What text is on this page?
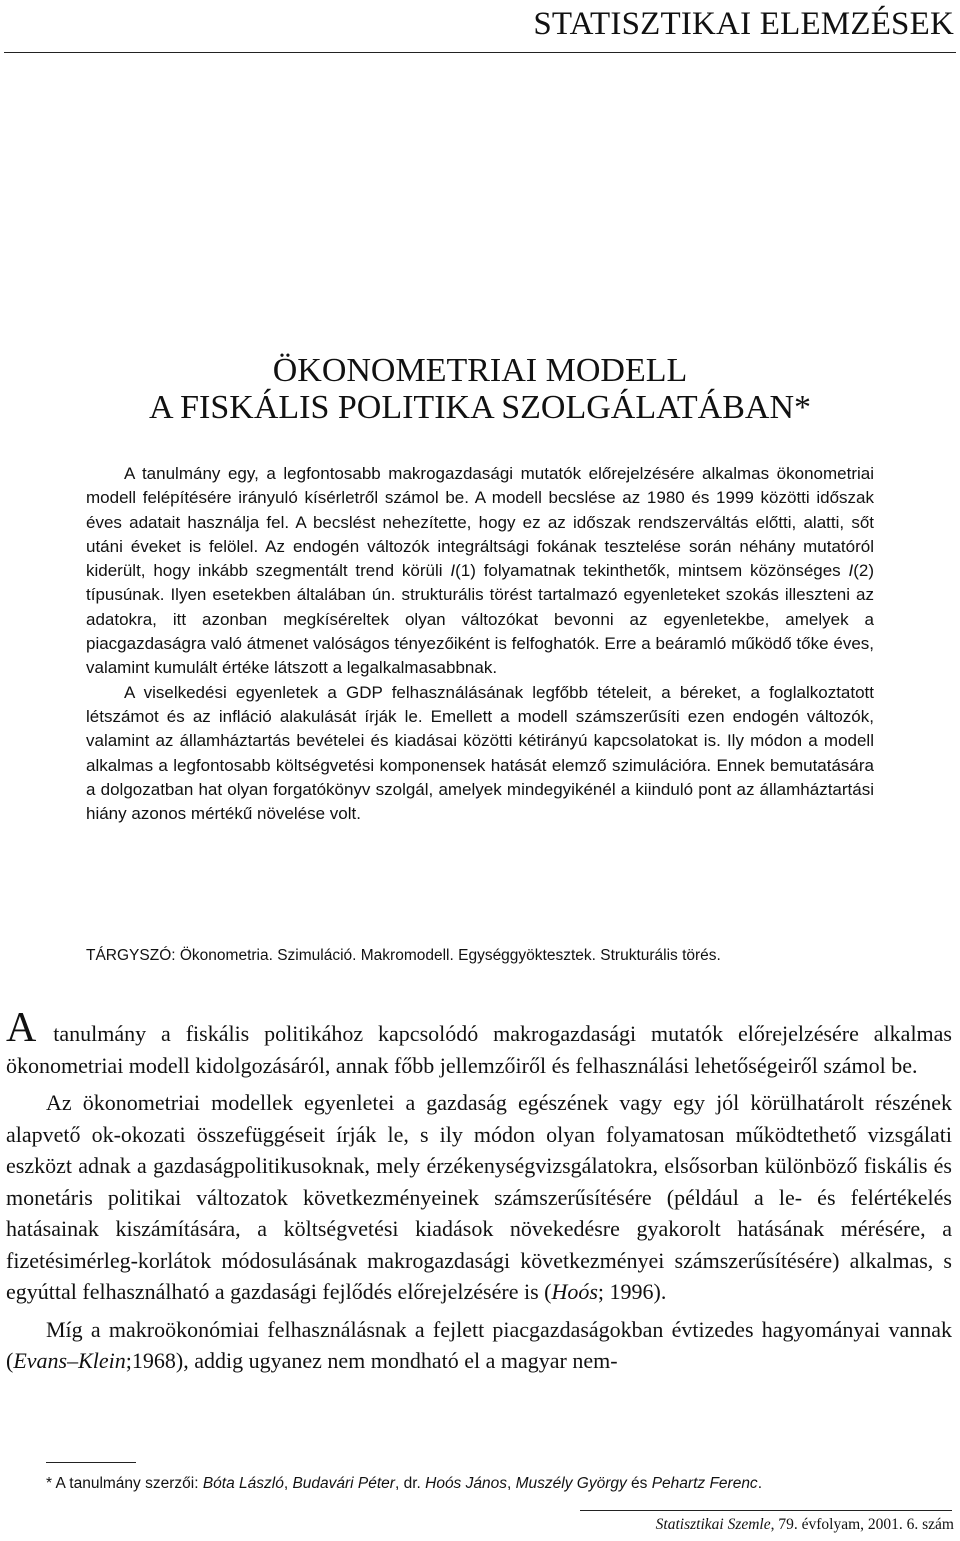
STATISZTIKAI ELEMZÉSEK
ÖKONOMETRIAI MODELL
A FISKÁLIS POLITIKA SZOLGÁLATÁBAN*

A tanulmány egy, a legfontosabb makrogazdasági mutatók előrejelzésére alkalmas ökonometriai modell felépítésére irányuló kísérletről számol be. A modell becslése az 1980 és 1999 közötti időszak éves adatait használja fel. A becslést nehezítette, hogy ez az időszak rendszerváltás előtti, alatti, sőt utáni éveket is felölel. Az endogén változók integráltsági fokának tesztelése során néhány mutatóról kiderült, hogy inkább szegmentált trend körüli I(1) folyamatnak tekinthetők, mintsem közönséges I(2) típusúnak. Ilyen esetekben általában ún. strukturális törést tartalmazó egyenleteket szokás illeszteni az adatokra, itt azonban megkíséreltek olyan változókat bevonni az egyenletekbe, amelyek a piacgazdaságra való átmenet valóságos tényezőiként is felfoghatók. Erre a beáramló működő tőke éves, valamint kumulált értéke látszott a legalkalmasabbnak.

A viselkedési egyenletek a GDP felhasználásának legfőbb tételeit, a béreket, a foglalkoztatott létszámot és az infláció alakulását írják le. Emellett a modell számszerűsíti ezen endogén változók, valamint az államháztartás bevételei és kiadásai közötti kétirányú kapcsolatokat is. Ily módon a modell alkalmas a legfontosabb költségvetési komponensek hatását elemző szimulációra. Ennek bemutatására a dolgozatban hat olyan forgatókönyv szolgál, amelyek mindegyikénél a kiinduló pont az államháztartási hiány azonos mértékű növelése volt.

TÁRGYSZÓ: Ökonometria. Szimuláció. Makromodell. Egységgyöktesztek. Strukturális törés.

A tanulmány a fiskális politikához kapcsolódó makrogazdasági mutatók előrejelzésére alkalmas ökonometriai modell kidolgozásáról, annak főbb jellemzőiről és felhasználási lehetőségeiről számol be.

Az ökonometriai modellek egyenletei a gazdaság egészének vagy egy jól körülhatárolt részének alapvető ok-okozati összefüggéseit írják le, s ily módon olyan folyamatosan működtethető vizsgálati eszközt adnak a gazdaságpolitikusoknak, mely érzékenységvizsgálatokra, elsősorban különböző fiskális és monetáris politikai változatok következményeinek számszerűsítésére (például a le- és felértékelés hatásainak kiszámítására, a költségvetési kiadások növekedésre gyakorolt hatásának mérésére, a fizetésimérleg-korlátok módosulásának makrogazdasági következményei számszerűsítésére) alkalmas, s egyúttal felhasználható a gazdasági fejlődés előrejelzésére is (Hoós; 1996).

Míg a makroökonómiai felhasználásnak a fejlett piacgazdaságokban évtizedes hagyományai vannak (Evans–Klein;1968), addig ugyanez nem mondható el a magyar nem-

* A tanulmány szerzői: Bóta László, Budavári Péter, dr. Hoós János, Muszély György és Pehartz Ferenc.
Statisztikai Szemle, 79. évfolyam, 2001. 6. szám
